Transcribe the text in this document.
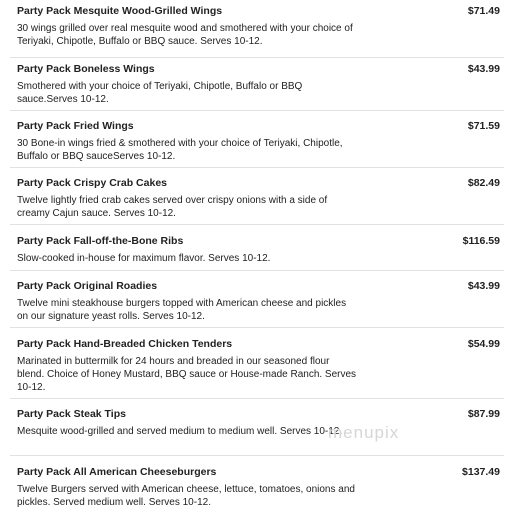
Party Pack Mesquite Wood-Grilled Wings	$71.49
30 wings grilled over real mesquite wood and smothered with your choice of Teriyaki, Chipotle, Buffalo or BBQ sauce. Serves 10-12.
Party Pack Boneless Wings	$43.99
Smothered with your choice of Teriyaki, Chipotle, Buffalo or BBQ sauce.Serves 10-12.
Party Pack Fried Wings	$71.59
30 Bone-in wings fried & smothered with your choice of Teriyaki, Chipotle, Buffalo or BBQ sauceServes 10-12.
Party Pack Crispy Crab Cakes	$82.49
Twelve lightly fried crab cakes served over crispy onions with a side of creamy Cajun sauce. Serves 10-12.
Party Pack Fall-off-the-Bone Ribs	$116.59
Slow-cooked in-house for maximum flavor. Serves 10-12.
Party Pack Original Roadies	$43.99
Twelve mini steakhouse burgers topped with American cheese and pickles on our signature yeast rolls. Serves 10-12.
Party Pack Hand-Breaded Chicken Tenders	$54.99
Marinated in buttermilk for 24 hours and breaded in our seasoned flour blend. Choice of Honey Mustard, BBQ sauce or House-made Ranch. Serves 10-12.
Party Pack Steak Tips	$87.99
Mesquite wood-grilled and served medium to medium well. Serves 10-12.
Party Pack All American Cheeseburgers	$137.49
Twelve Burgers served with American cheese, lettuce, tomatoes, onions and pickles. Served medium well. Serves 10-12.
menupix
